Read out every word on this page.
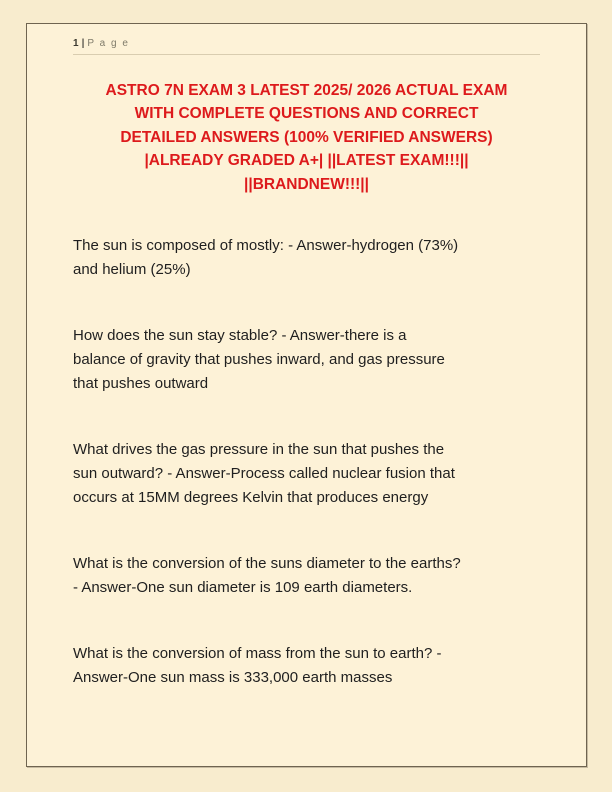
1 | P a g e
ASTRO 7N EXAM 3 LATEST 2025/ 2026 ACTUAL EXAM
WITH COMPLETE QUESTIONS AND CORRECT
DETAILED ANSWERS (100% VERIFIED ANSWERS)
|ALREADY GRADED A+| ||LATEST EXAM!!!||
||BRANDNEW!!!||
The sun is composed of mostly: - Answer-hydrogen (73%)
and helium (25%)
How does the sun stay stable? - Answer-there is a
balance of gravity that pushes inward, and gas pressure
that pushes outward
What drives the gas pressure in the sun that pushes the
sun outward? - Answer-Process called nuclear fusion that
occurs at 15MM degrees Kelvin that produces energy
What is the conversion of the suns diameter to the earths?
- Answer-One sun diameter is 109 earth diameters.
What is the conversion of mass from the sun to earth? -
Answer-One sun mass is 333,000 earth masses
